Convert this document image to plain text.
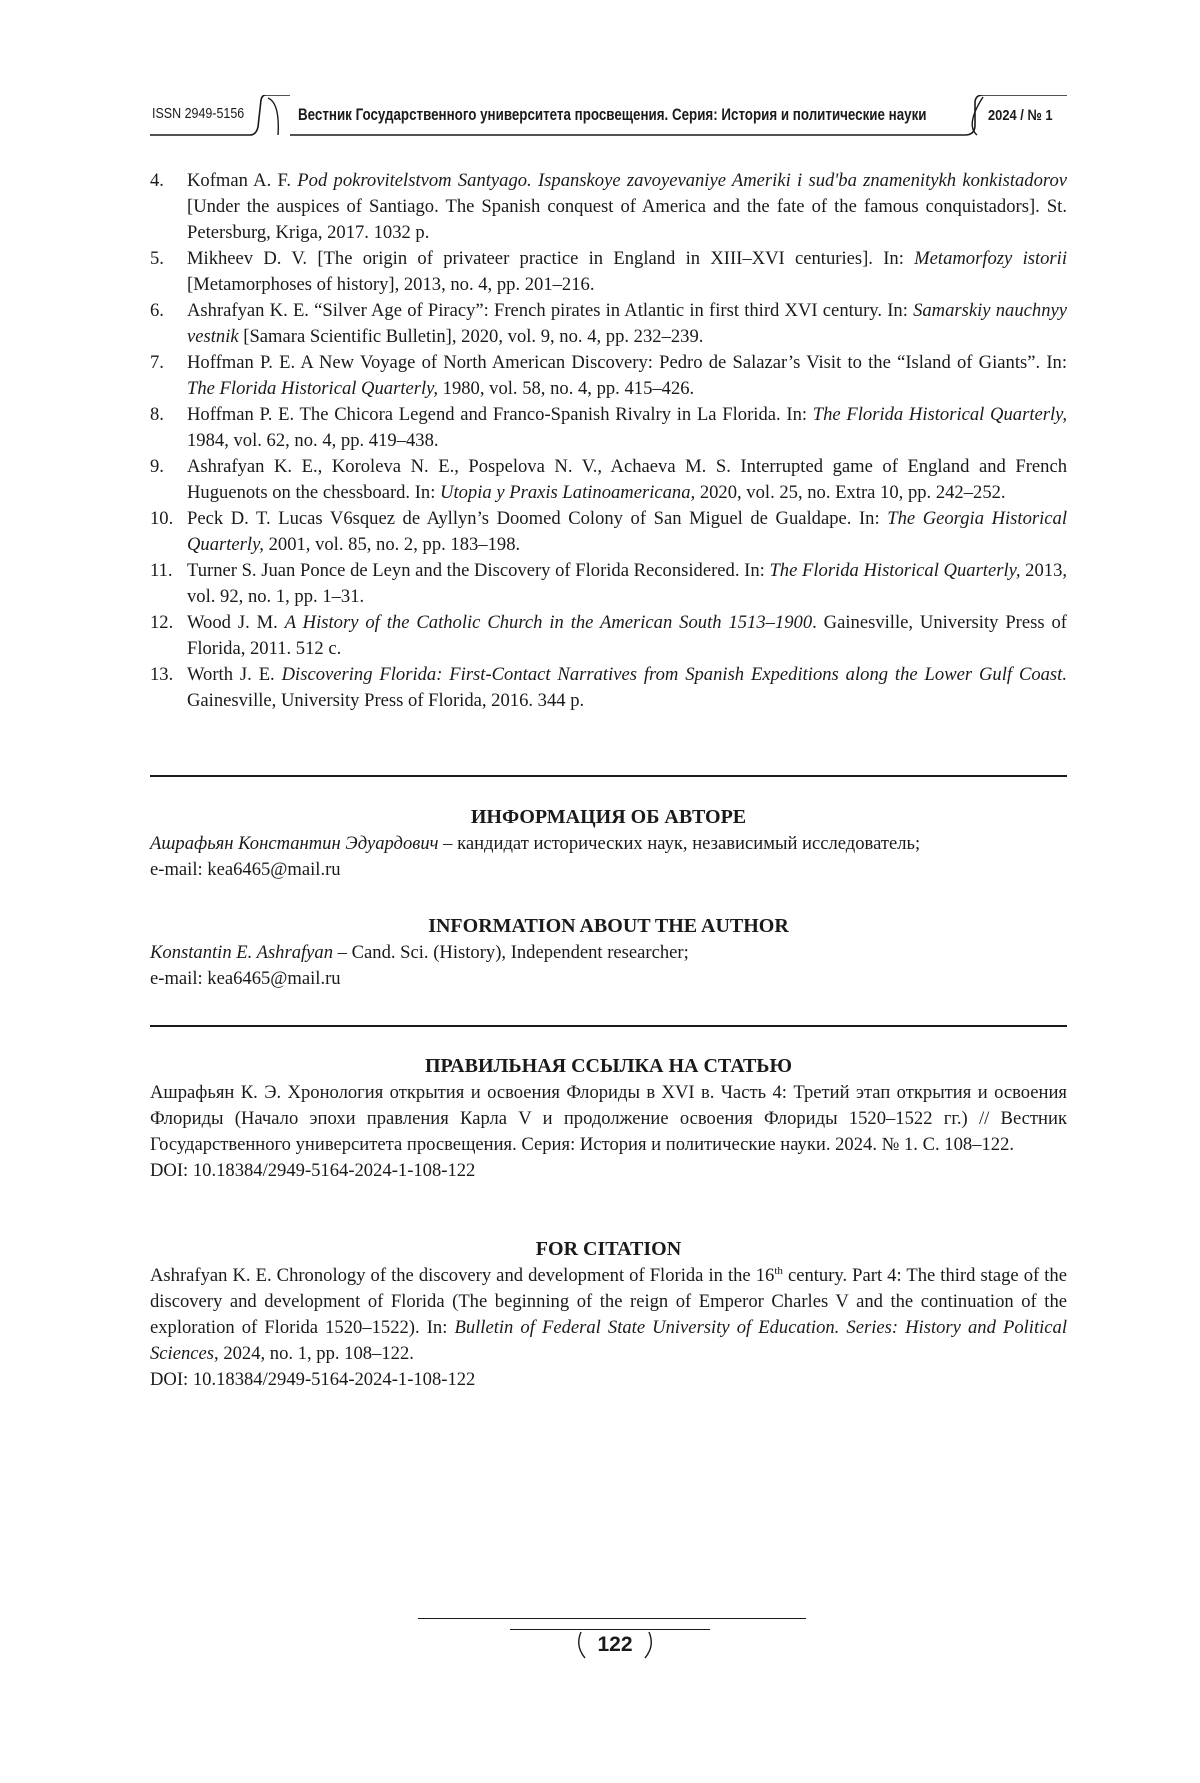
ISSN 2949-5156	Вестник Государственного университета просвещения. Серия: История и политические науки	2024 / № 1
4. Kofman A. F. Pod pokrovitelstvom Santyago. Ispanskoye zavoyevaniye Ameriki i sud'ba znamenitykh konkistadorov [Under the auspices of Santiago. The Spanish conquest of America and the fate of the famous conquistadors]. St. Petersburg, Kriga, 2017. 1032 p.
5. Mikheev D. V. [The origin of privateer practice in England in XIII–XVI centuries]. In: Metamorfozy istorii [Metamorphoses of history], 2013, no. 4, pp. 201–216.
6. Ashrafyan K. E. “Silver Age of Piracy”: French pirates in Atlantic in first third XVI century. In: Samarskiy nauchnyy vestnik [Samara Scientific Bulletin], 2020, vol. 9, no. 4, pp. 232–239.
7. Hoffman P. E. A New Voyage of North American Discovery: Pedro de Salazar’s Visit to the “Island of Giants”. In: The Florida Historical Quarterly, 1980, vol. 58, no. 4, pp. 415–426.
8. Hoffman P. E. The Chicora Legend and Franco-Spanish Rivalry in La Florida. In: The Florida Historical Quarterly, 1984, vol. 62, no. 4, pp. 419–438.
9. Ashrafyan K. E., Koroleva N. E., Pospelova N. V., Achaeva M. S. Interrupted game of England and French Huguenots on the chessboard. In: Utopia y Praxis Latinoamericana, 2020, vol. 25, no. Extra 10, pp. 242–252.
10. Peck D. T. Lucas V6squez de Ayllyn’s Doomed Colony of San Miguel de Gualdape. In: The Georgia Historical Quarterly, 2001, vol. 85, no. 2, pp. 183–198.
11. Turner S. Juan Ponce de Leyn and the Discovery of Florida Reconsidered. In: The Florida Historical Quarterly, 2013, vol. 92, no. 1, pp. 1–31.
12. Wood J. M. A History of the Catholic Church in the American South 1513–1900. Gainesville, University Press of Florida, 2011. 512 c.
13. Worth J. E. Discovering Florida: First-Contact Narratives from Spanish Expeditions along the Lower Gulf Coast. Gainesville, University Press of Florida, 2016. 344 p.
ИНФОРМАЦИЯ ОБ АВТОРЕ
Ашрафьян Константин Эдуардович – кандидат исторических наук, независимый исследователь;
e-mail: kea6465@mail.ru
INFORMATION ABOUT THE AUTHOR
Konstantin E. Ashrafyan – Cand. Sci. (History), Independent researcher;
e-mail: kea6465@mail.ru
ПРАВИЛЬНАЯ ССЫЛКА НА СТАТЬЮ
Ашрафьян К. Э. Хронология открытия и освоения Флориды в XVI в. Часть 4: Третий этап открытия и освоения Флориды (Начало эпохи правления Карла V и продолжение освоения Флориды 1520–1522 гг.) // Вестник Государственного университета просвещения. Серия: История и политические науки. 2024. № 1. С. 108–122.
DOI: 10.18384/2949-5164-2024-1-108-122
FOR CITATION
Ashrafyan K. E. Chronology of the discovery and development of Florida in the 16th century. Part 4: The third stage of the discovery and development of Florida (The beginning of the reign of Emperor Charles V and the continuation of the exploration of Florida 1520–1522). In: Bulletin of Federal State University of Education. Series: History and Political Sciences, 2024, no. 1, pp. 108–122.
DOI: 10.18384/2949-5164-2024-1-108-122
122
